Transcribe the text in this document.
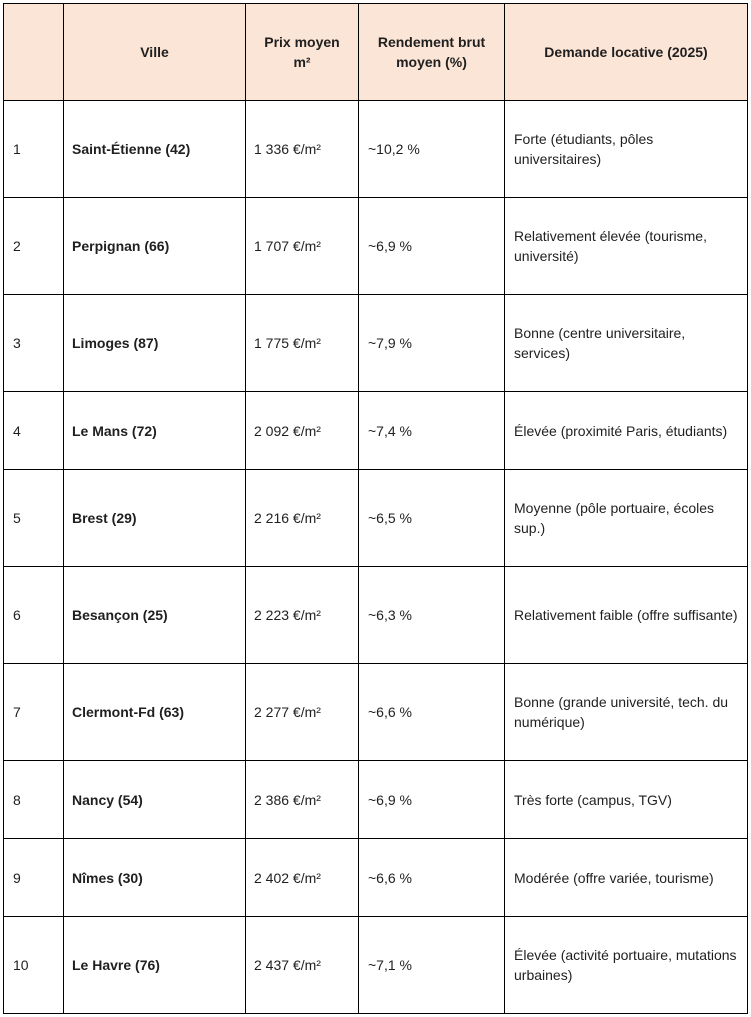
	Ville	Prix moyen m²	Rendement brut moyen (%)	Demande locative (2025)
1	Saint-Étienne (42)	1 336 €/m²	~10,2 %	Forte (étudiants, pôles universitaires)
2	Perpignan (66)	1 707 €/m²	~6,9 %	Relativement élevée (tourisme, université)
3	Limoges (87)	1 775 €/m²	~7,9 %	Bonne (centre universitaire, services)
4	Le Mans (72)	2 092 €/m²	~7,4 %	Élevée (proximité Paris, étudiants)
5	Brest (29)	2 216 €/m²	~6,5 %	Moyenne (pôle portuaire, écoles sup.)
6	Besançon (25)	2 223 €/m²	~6,3 %	Relativement faible (offre suffisante)
7	Clermont-Fd (63)	2 277 €/m²	~6,6 %	Bonne (grande université, tech. du numérique)
8	Nancy (54)	2 386 €/m²	~6,9 %	Très forte (campus, TGV)
9	Nîmes (30)	2 402 €/m²	~6,6 %	Modérée (offre variée, tourisme)
10	Le Havre (76)	2 437 €/m²	~7,1 %	Élevée (activité portuaire, mutations urbaines)
